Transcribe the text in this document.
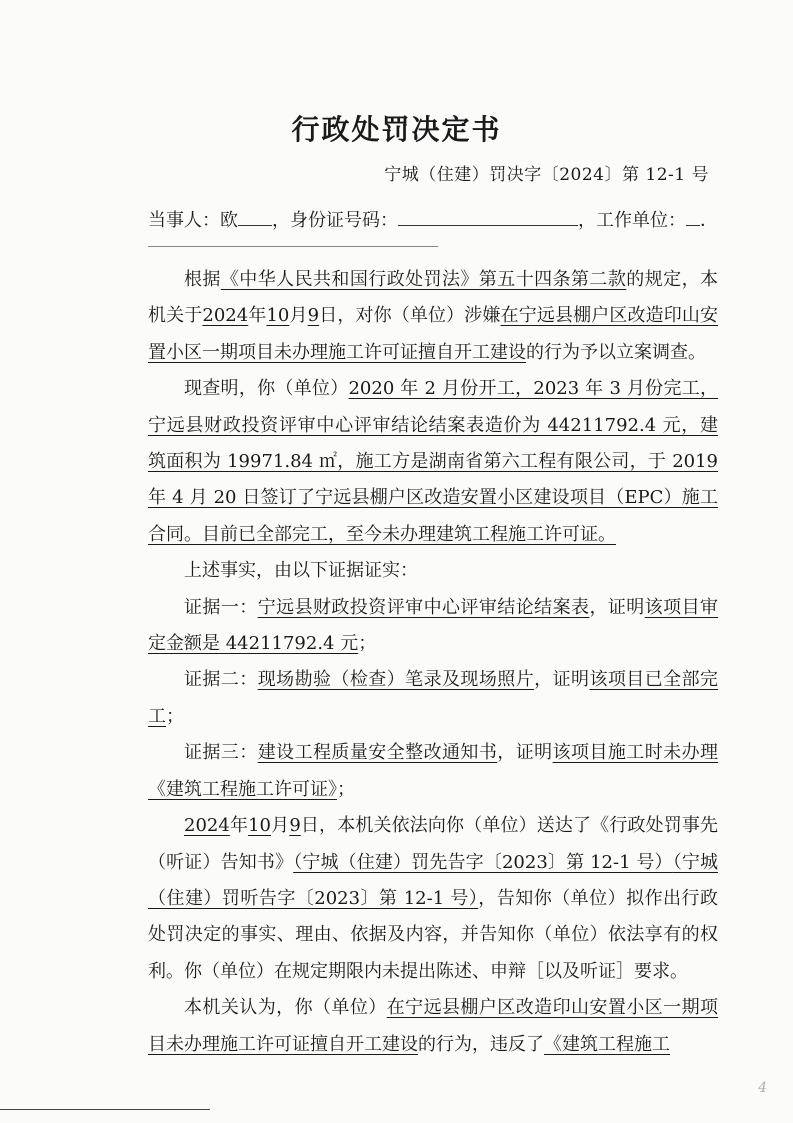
行政处罚决定书
宁城（住建）罚决字〔2024〕第 12-1 号
当事人：欧 ，身份证号码：	，工作单位： ．

根据《中华人民共和国行政处罚法》第五十四条第二款的规定，本机关于2024年10月9日，对你（单位）涉嫌在宁远县棚户区改造印山安置小区一期项目未办理施工许可证擅自开工建设的行为予以立案调查。

现查明，你（单位）2020 年 2 月份开工，2023 年 3 月份完工，宁远县财政投资评审中心评审结论结案表造价为 44211792.4 元，建筑面积为 19971.84 ㎡，施工方是湖南省第六工程有限公司，于 2019 年 4 月 20 日签订了宁远县棚户区改造安置小区建设项目（EPC）施工合同。目前已全部完工，至今未办理建筑工程施工许可证。

上述事实，由以下证据证实：

证据一：宁远县财政投资评审中心评审结论结案表，证明该项目审定金额是 44211792.4 元；

证据二：现场勘验（检查）笔录及现场照片，证明该项目已全部完工；

证据三：建设工程质量安全整改通知书，证明该项目施工时未办理《建筑工程施工许可证》；

2024年10月9日，本机关依法向你（单位）送达了《行政处罚事先（听证）告知书》（宁城（住建）罚先告字〔2023〕第 12-1 号）（宁城（住建）罚听告字〔2023〕第 12-1 号），告知你（单位）拟作出行政处罚决定的事实、理由、依据及内容，并告知你（单位）依法享有的权利。你（单位）在规定期限内未提出陈述、申辩［以及听证］要求。

本机关认为，你（单位）在宁远县棚户区改造印山安置小区一期项目未办理施工许可证擅自开工建设的行为，违反了《建筑工程施工

4
